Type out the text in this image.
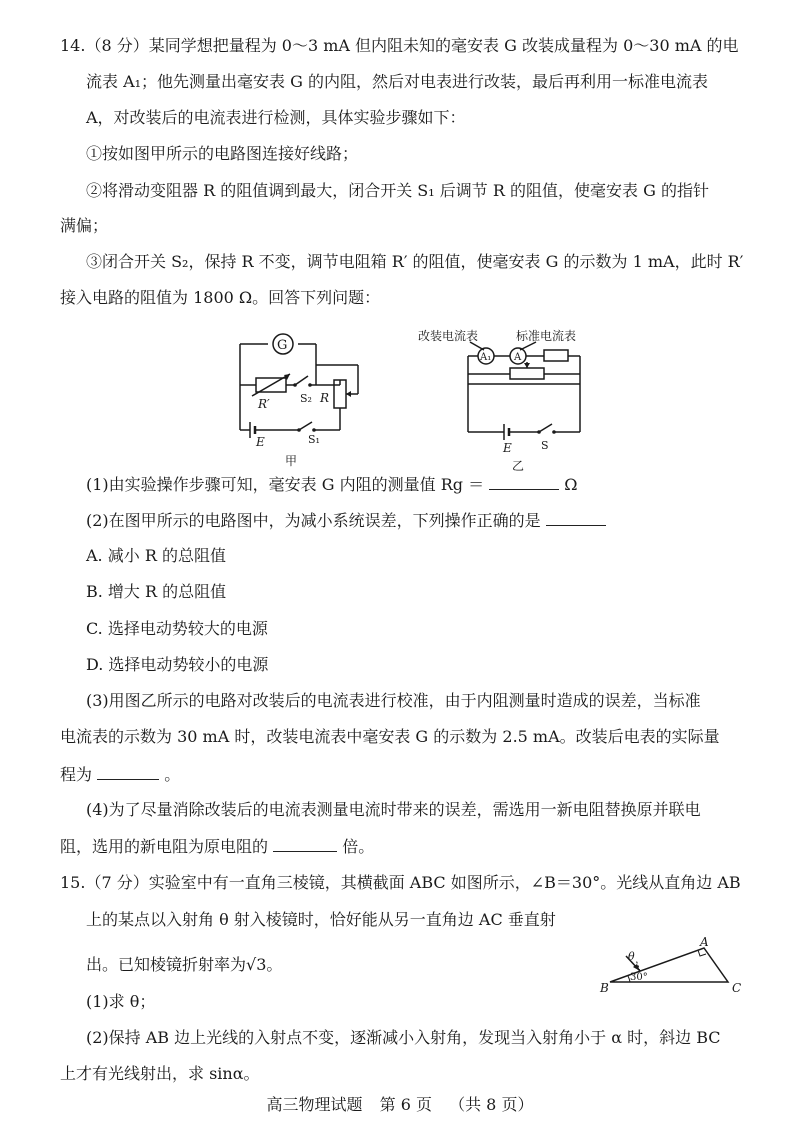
14.（8 分）某同学想把量程为 0～3 mA 但内阻未知的毫安表 G 改装成量程为 0～30 mA 的电
流表 A₁；他先测量出毫安表 G 的内阻，然后对电表进行改装，最后再利用一标准电流表
A，对改装后的电流表进行检测，具体实验步骤如下：
①按如图甲所示的电路图连接好线路；
②将滑动变阻器 R 的阻值调到最大，闭合开关 S₁ 后调节 R 的阻值，使毫安表 G 的指针
满偏；
③闭合开关 S₂，保持 R 不变，调节电阻箱 R′ 的阻值，使毫安表 G 的示数为 1 mA，此时 R′
接入电路的阻值为 1800 Ω。回答下列问题：
G
R′	S₂ R
E	S₁
甲
改装电流表	标准电流表
A₁ A
E	S
乙
(1)由实验操作步骤可知，毫安表 G 内阻的测量值 Rg ＝	Ω
(2)在图甲所示的电路图中，为减小系统误差，下列操作正确的是
A. 减小 R 的总阻值
B. 增大 R 的总阻值
C. 选择电动势较大的电源
D. 选择电动势较小的电源
(3)用图乙所示的电路对改装后的电流表进行校准，由于内阻测量时造成的误差，当标准
电流表的示数为 30 mA 时，改装电流表中毫安表 G 的示数为 2.5 mA。改装后电表的实际量
程为	。
(4)为了尽量消除改装后的电流表测量电流时带来的误差，需选用一新电阻替换原并联电
阻，选用的新电阻为原电阻的	倍。
15.（7 分）实验室中有一直角三棱镜，其横截面 ABC 如图所示，∠B＝30°。光线从直角边 AB
上的某点以入射角 θ 射入棱镜时，恰好能从另一直角边 AC 垂直射
出。已知棱镜折射率为√3。
A
B	C
θ
30°
(1)求 θ；
(2)保持 AB 边上光线的入射点不变，逐渐减小入射角，发现当入射角小于 α 时，斜边 BC
上才有光线射出，求 sinα。
高三物理试题 第 6 页 （共 8 页）
